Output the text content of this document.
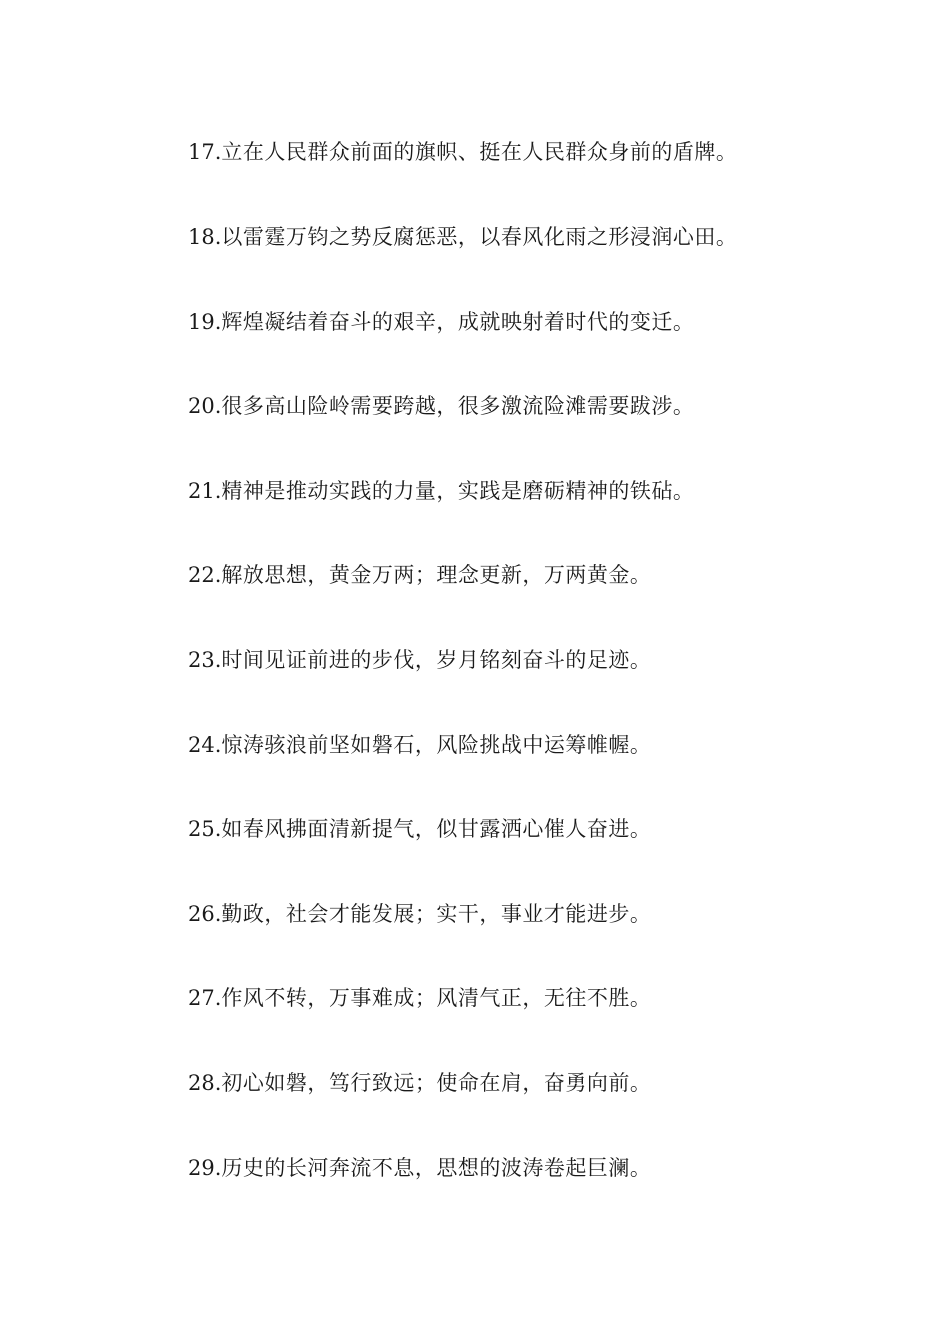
17.立在人民群众前面的旗帜、挺在人民群众身前的盾牌。
18.以雷霆万钧之势反腐惩恶，以春风化雨之形浸润心田。
19.辉煌凝结着奋斗的艰辛，成就映射着时代的变迁。
20.很多高山险岭需要跨越，很多激流险滩需要跋涉。
21.精神是推动实践的力量，实践是磨砺精神的铁砧。
22.解放思想，黄金万两；理念更新，万两黄金。
23.时间见证前进的步伐，岁月铭刻奋斗的足迹。
24.惊涛骇浪前坚如磐石，风险挑战中运筹帷幄。
25.如春风拂面清新提气，似甘露洒心催人奋进。
26.勤政，社会才能发展；实干，事业才能进步。
27.作风不转，万事难成；风清气正，无往不胜。
28.初心如磐，笃行致远；使命在肩，奋勇向前。
29.历史的长河奔流不息，思想的波涛卷起巨澜。
